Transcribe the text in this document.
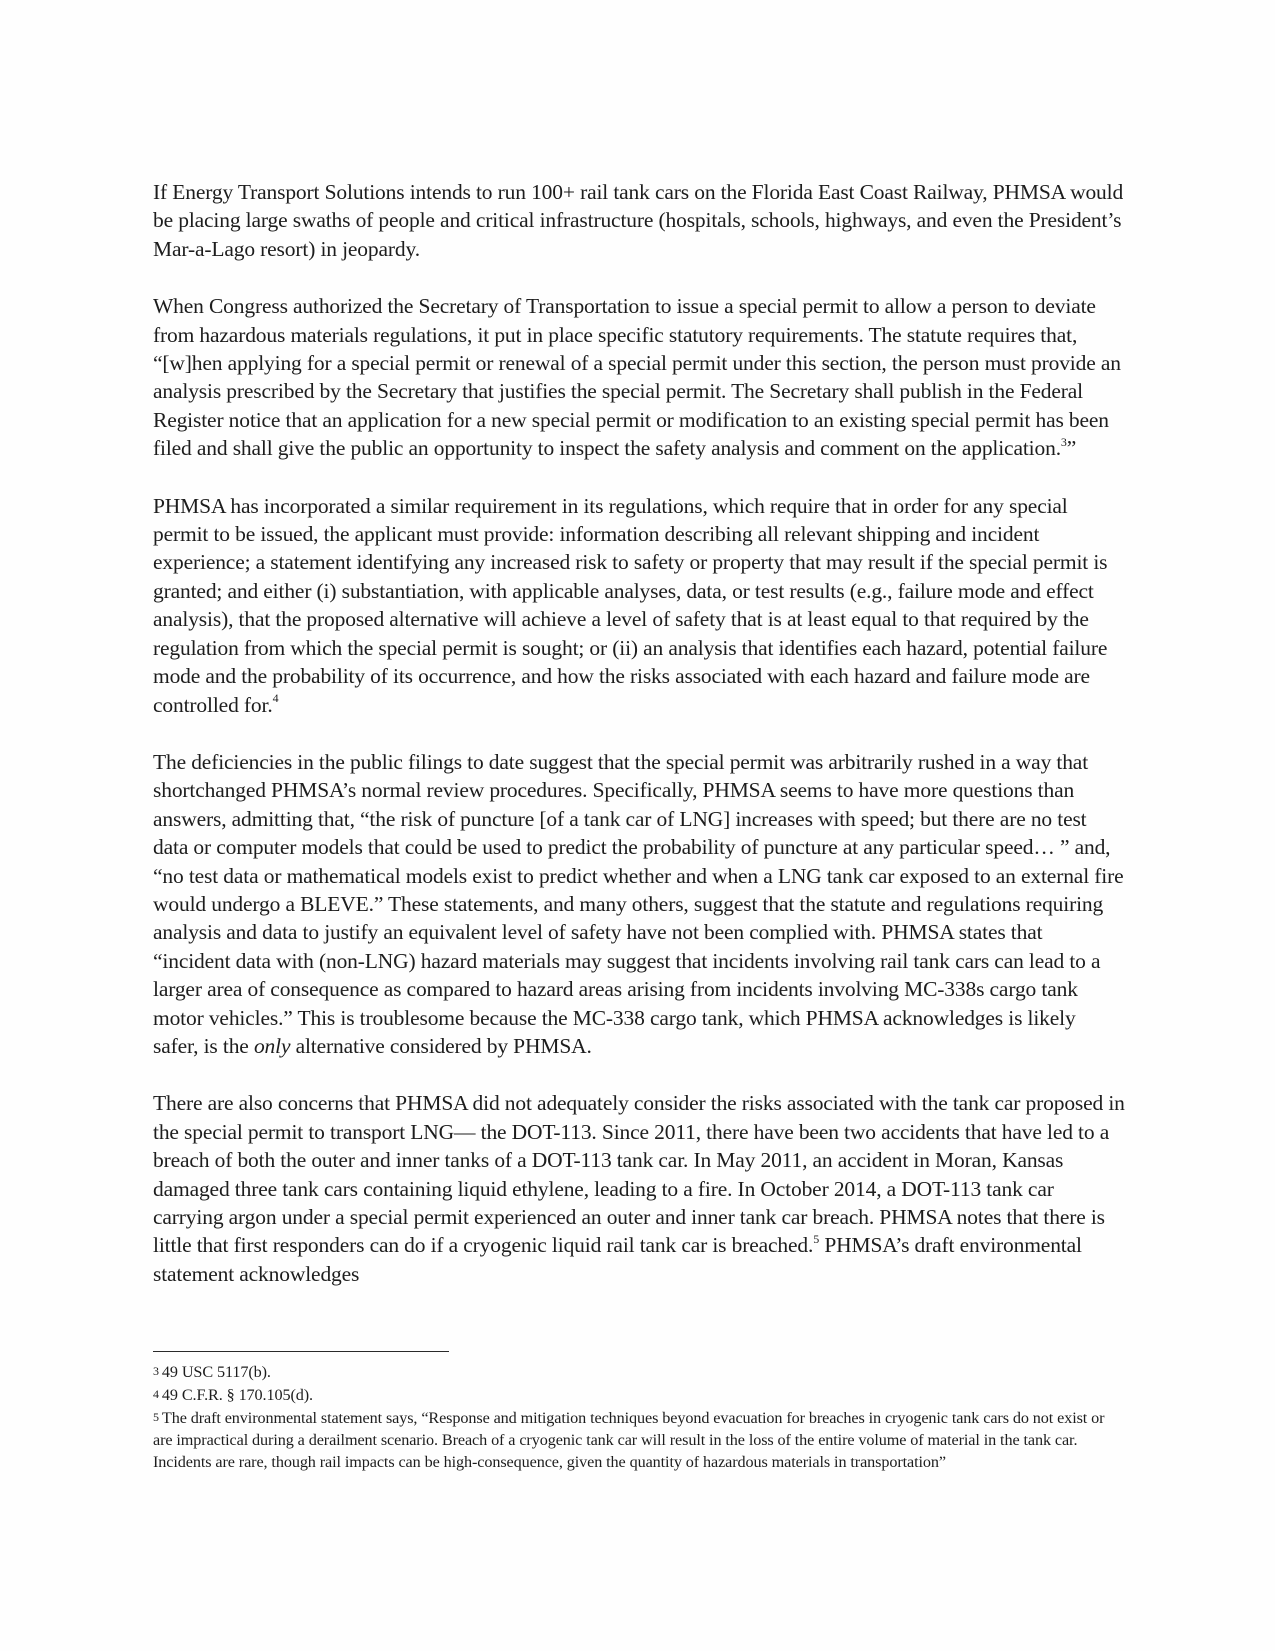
If Energy Transport Solutions intends to run 100+ rail tank cars on the Florida East Coast Railway, PHMSA would be placing large swaths of people and critical infrastructure (hospitals, schools, highways, and even the President’s Mar-a-Lago resort) in jeopardy.

When Congress authorized the Secretary of Transportation to issue a special permit to allow a person to deviate from hazardous materials regulations, it put in place specific statutory requirements. The statute requires that, “[w]hen applying for a special permit or renewal of a special permit under this section, the person must provide an analysis prescribed by the Secretary that justifies the special permit. The Secretary shall publish in the Federal Register notice that an application for a new special permit or modification to an existing special permit has been filed and shall give the public an opportunity to inspect the safety analysis and comment on the application.$^3$”

PHMSA has incorporated a similar requirement in its regulations, which require that in order for any special permit to be issued, the applicant must provide: information describing all relevant shipping and incident experience; a statement identifying any increased risk to safety or property that may result if the special permit is granted; and either (i) substantiation, with applicable analyses, data, or test results (e.g., failure mode and effect analysis), that the proposed alternative will achieve a level of safety that is at least equal to that required by the regulation from which the special permit is sought; or (ii) an analysis that identifies each hazard, potential failure mode and the probability of its occurrence, and how the risks associated with each hazard and failure mode are controlled for.$^4$

The deficiencies in the public filings to date suggest that the special permit was arbitrarily rushed in a way that shortchanged PHMSA’s normal review procedures. Specifically, PHMSA seems to have more questions than answers, admitting that, “the risk of puncture [of a tank car of LNG] increases with speed; but there are no test data or computer models that could be used to predict the probability of puncture at any particular speed… ” and, “no test data or mathematical models exist to predict whether and when a LNG tank car exposed to an external fire would undergo a BLEVE.” These statements, and many others, suggest that the statute and regulations requiring analysis and data to justify an equivalent level of safety have not been complied with. PHMSA states that “incident data with (non-LNG) hazard materials may suggest that incidents involving rail tank cars can lead to a larger area of consequence as compared to hazard areas arising from incidents involving MC-338s cargo tank motor vehicles.” This is troublesome because the MC-338 cargo tank, which PHMSA acknowledges is likely safer, is the only alternative considered by PHMSA.

There are also concerns that PHMSA did not adequately consider the risks associated with the tank car proposed in the special permit to transport LNG— the DOT-113. Since 2011, there have been two accidents that have led to a breach of both the outer and inner tanks of a DOT-113 tank car. In May 2011, an accident in Moran, Kansas damaged three tank cars containing liquid ethylene, leading to a fire. In October 2014, a DOT-113 tank car carrying argon under a special permit experienced an outer and inner tank car breach. PHMSA notes that there is little that first responders can do if a cryogenic liquid rail tank car is breached.$^5$ PHMSA’s draft environmental statement acknowledges

3 49 USC 5117(b).

4 49 C.F.R. § 170.105(d).

5 The draft environmental statement says, “Response and mitigation techniques beyond evacuation for breaches in cryogenic tank cars do not exist or are impractical during a derailment scenario. Breach of a cryogenic tank car will result in the loss of the entire volume of material in the tank car. Incidents are rare, though rail impacts can be high-consequence, given the quantity of hazardous materials in transportation”
